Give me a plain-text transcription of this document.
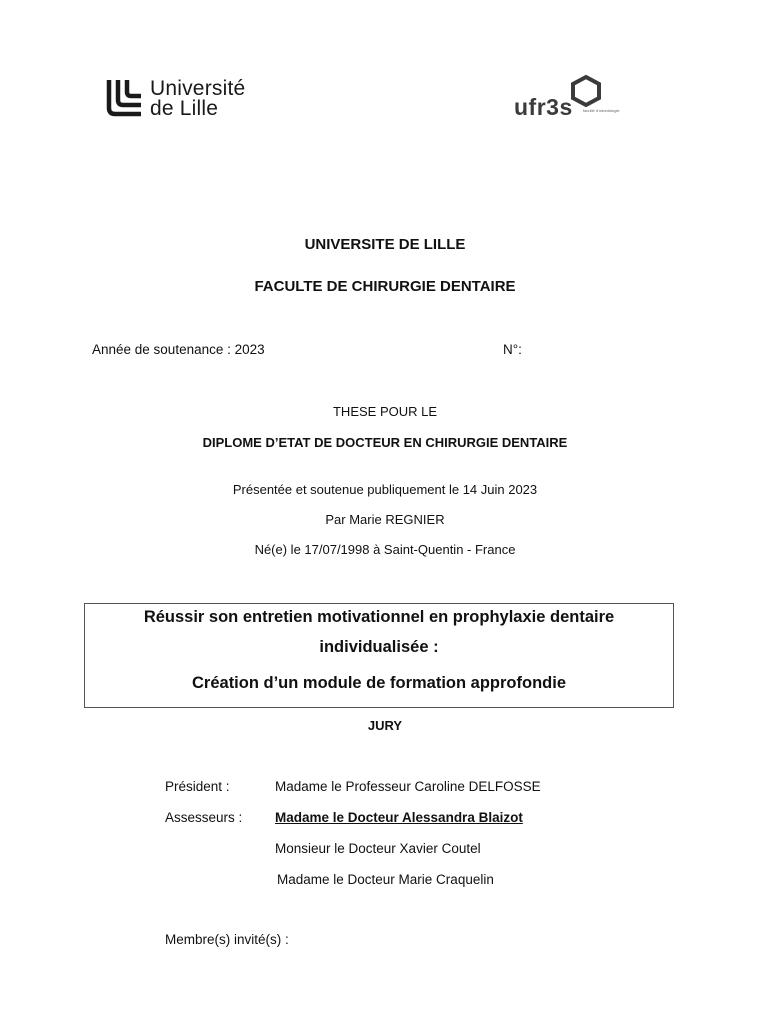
Université
de Lille	ufr3s	faculté d'odontologie
UNIVERSITE DE LILLE
FACULTE DE CHIRURGIE DENTAIRE
Année de soutenance : 2023	N°:
THESE POUR LE
DIPLOME D’ETAT DE DOCTEUR EN CHIRURGIE DENTAIRE
Présentée et soutenue publiquement le 14 Juin 2023
Par Marie REGNIER
Né(e) le 17/07/1998 à Saint-Quentin - France
Réussir son entretien motivationnel en prophylaxie dentaire
individualisée :
Création d’un module de formation approfondie
JURY
Président :	Madame le Professeur Caroline DELFOSSE
Assesseurs : Madame le Docteur Alessandra Blaizot
Monsieur le Docteur Xavier Coutel
Madame le Docteur Marie Craquelin
Membre(s) invité(s) :
